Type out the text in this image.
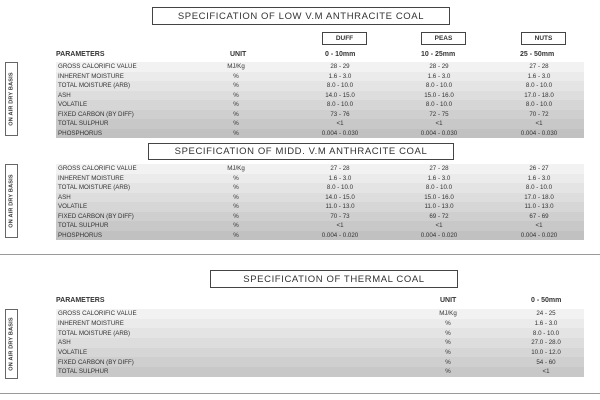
SPECIFICATION OF LOW V.M ANTHRACITE COAL
DUFF	PEAS	NUTS
PARAMETERS	UNIT	0 - 10mm	10 - 25mm	25 - 50mm
ON AIR DRY BASIS
GROSS CALORIFIC VALUE	MJ/Kg	28 - 29	28 - 29	27 - 28
INHERENT MOISTURE	%	1.6 - 3.0	1.6 - 3.0	1.6 - 3.0
TOTAL MOISTURE (ARB)	%	8.0 - 10.0	8.0 - 10.0	8.0 - 10.0
ASH	%	14.0 - 15.0	15.0 - 16.0	17.0 - 18.0
VOLATILE	%	8.0 - 10.0	8.0 - 10.0	8.0 - 10.0
FIXED CARBON (BY DIFF)	%	73 - 76	72 - 75	70 - 72
TOTAL SULPHUR	%	<1	<1	<1
PHOSPHORUS	%	0.004 - 0.030	0.004 - 0.030	0.004 - 0.030
SPECIFICATION OF MIDD. V.M ANTHRACITE COAL
ON AIR DRY BASIS
GROSS CALORIFIC VALUE	MJ/Kg	27 - 28	27 - 28	26 - 27
INHERENT MOISTURE	%	1.6 - 3.0	1.6 - 3.0	1.6 - 3.0
TOTAL MOISTURE (ARB)	%	8.0 - 10.0	8.0 - 10.0	8.0 - 10.0
ASH	%	14.0 - 15.0	15.0 - 16.0	17.0 - 18.0
VOLATILE	%	11.0 - 13.0	11.0 - 13.0	11.0 - 13.0
FIXED CARBON (BY DIFF)	%	70 - 73	69 - 72	67 - 69
TOTAL SULPHUR	%	<1	<1	<1
PHOSPHORUS	%	0.004 - 0.020	0.004 - 0.020	0.004 - 0.020
SPECIFICATION OF THERMAL COAL
PARAMETERS	UNIT	0 - 50mm
ON AIR DRY BASIS
GROSS CALORIFIC VALUE	MJ/Kg	24 - 25
INHERENT MOISTURE	%	1.6 - 3.0
TOTAL MOISTURE (ARB)	%	8.0 - 10.0
ASH	%	27.0 - 28.0
VOLATILE	%	10.0 - 12.0
FIXED CARBON (BY DIFF)	%	54 - 60
TOTAL SULPHUR	%	<1
